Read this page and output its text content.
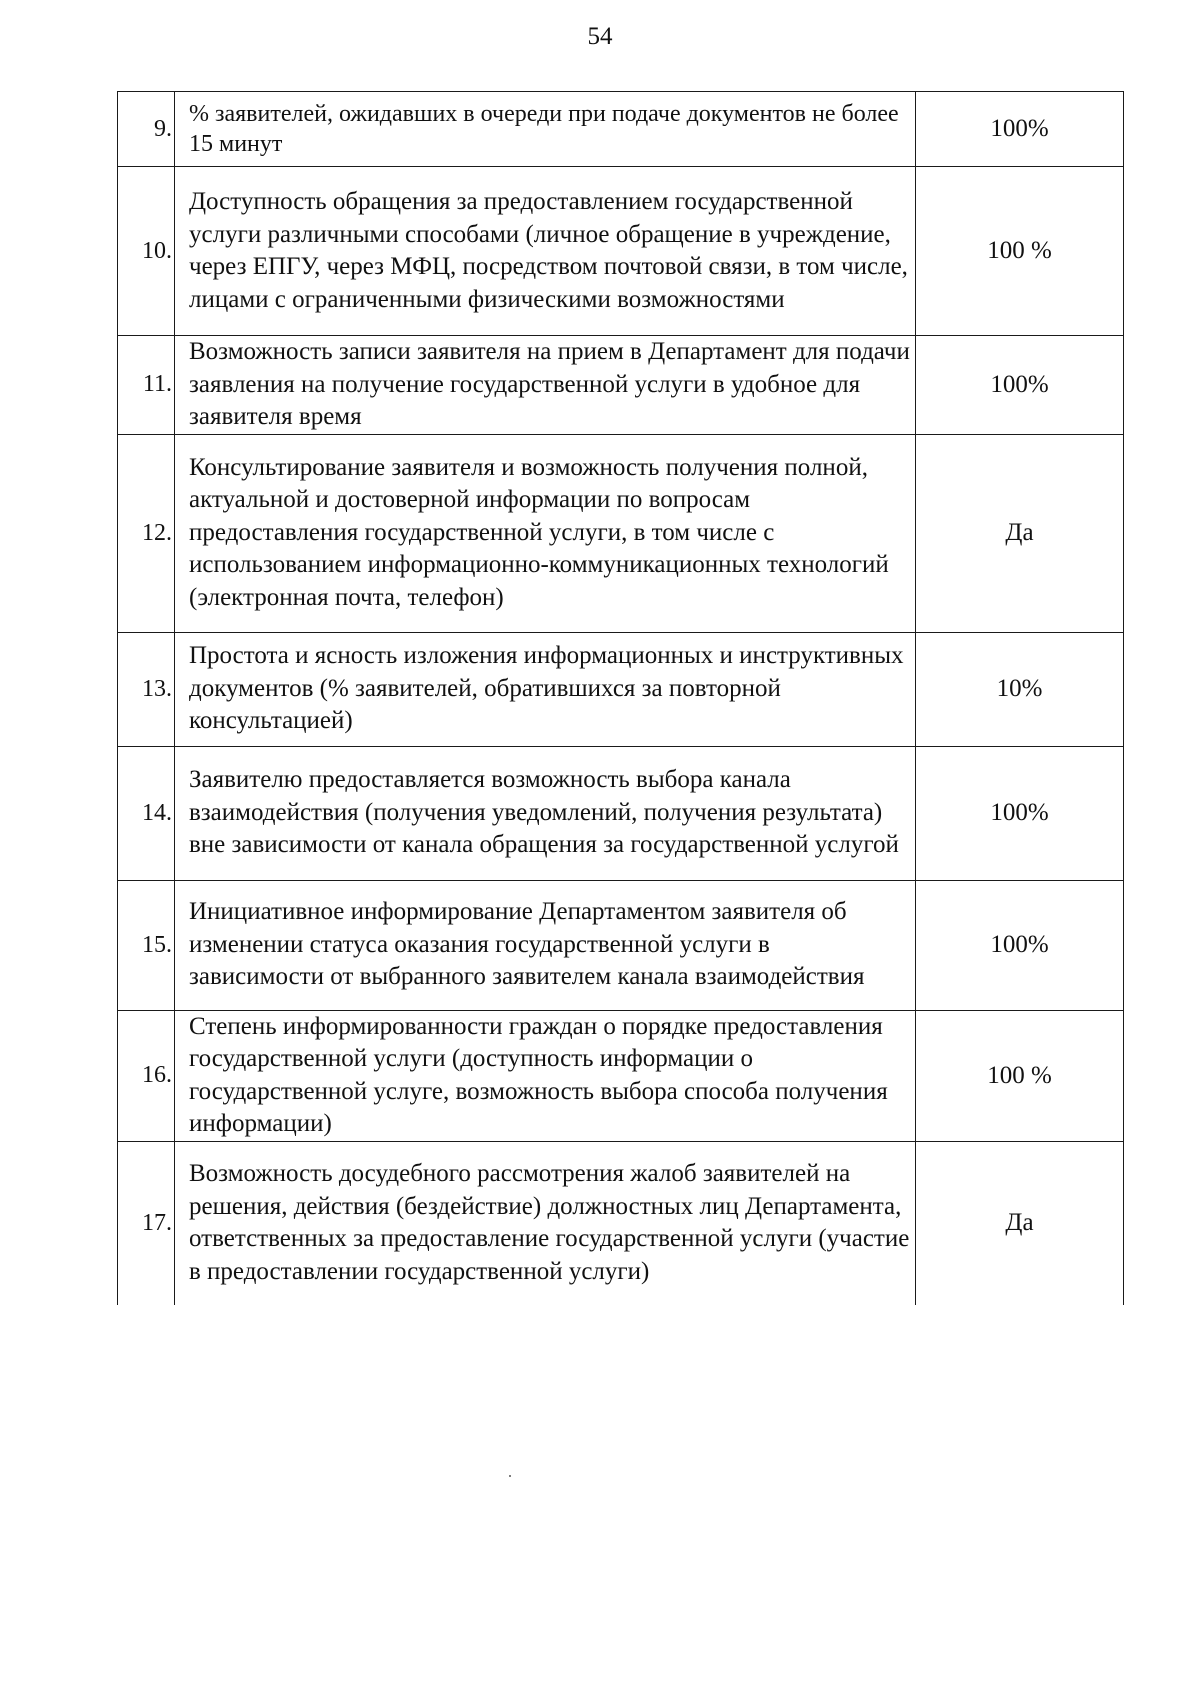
54
9.	% заявителей, ожидавших в очереди при подаче документов не более 15 минут	100%
10.	Доступность обращения за предоставлением государственной услуги различными способами (личное обращение в учреждение, через ЕПГУ, через МФЦ, посредством почтовой связи, в том числе, лицами с ограниченными физическими возможностями	100 %
11.	Возможность записи заявителя на прием в Департамент для подачи заявления на получение государственной услуги в удобное для заявителя время	100%
12.	Консультирование заявителя и возможность получения полной, актуальной и достоверной информации по вопросам предоставления государственной услуги, в том числе с использованием информационно-коммуникационных технологий (электронная почта, телефон)	Да
13.	Простота и ясность изложения информационных и инструктивных документов (% заявителей, обратившихся за повторной консультацией)	10%
14.	Заявителю предоставляется возможность выбора канала взаимодействия (получения уведомлений, получения результата) вне зависимости от канала обращения за государственной услугой	100%
15.	Инициативное информирование Департаментом заявителя об изменении статуса оказания государственной услуги в зависимости от выбранного заявителем канала взаимодействия	100%
16.	Степень информированности граждан о порядке предоставления государственной услуги (доступность информации о государственной услуге, возможность выбора способа получения информации)	100 %
17.	Возможность досудебного рассмотрения жалоб заявителей на решения, действия (бездействие) должностных лиц Департамента, ответственных за предоставление государственной услуги (участие в предоставлении государственной услуги)	Да
